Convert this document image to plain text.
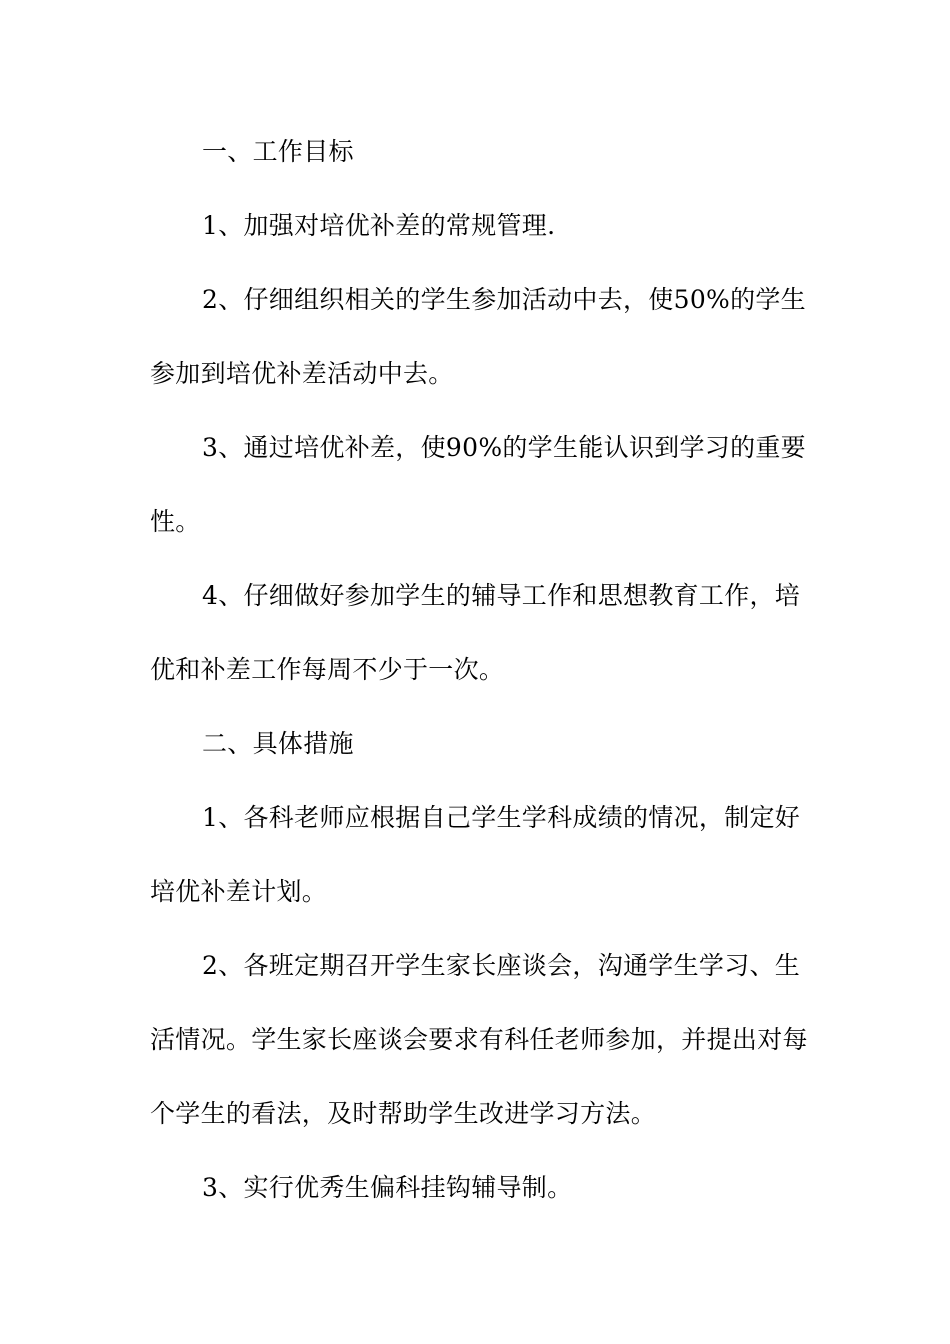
一、工作目标

1、加强对培优补差的常规管理.

2、仔细组织相关的学生参加活动中去，使50%的学生参加到培优补差活动中去。

3、通过培优补差，使90%的学生能认识到学习的重要性。

4、仔细做好参加学生的辅导工作和思想教育工作，培优和补差工作每周不少于一次。

二、具体措施

1、各科老师应根据自己学生学科成绩的情况，制定好培优补差计划。

2、各班定期召开学生家长座谈会，沟通学生学习、生活情况。学生家长座谈会要求有科任老师参加，并提出对每个学生的看法，及时帮助学生改进学习方法。

3、实行优秀生偏科挂钩辅导制。
